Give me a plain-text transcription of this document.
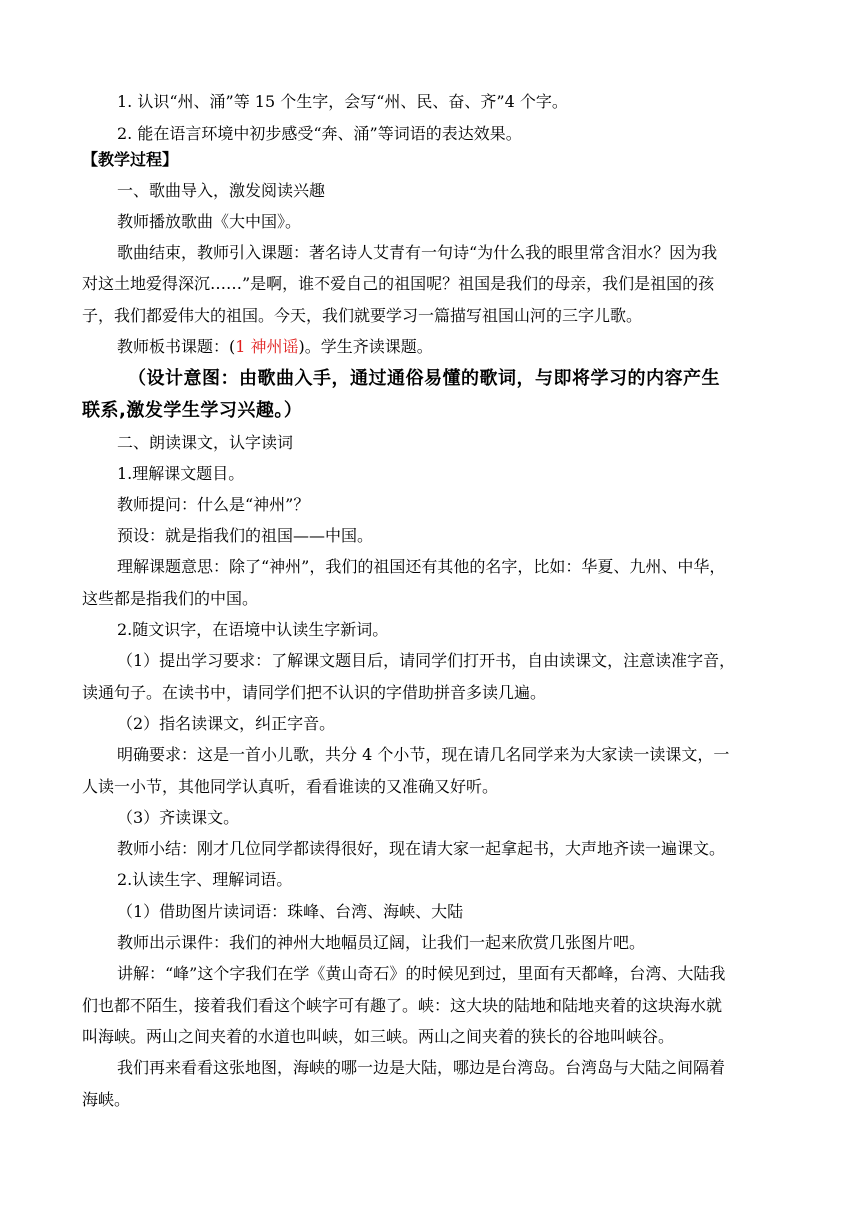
1. 认识“州、涌”等 15 个生字，会写“州、民、奋、齐”4 个字。
2. 能在语言环境中初步感受“奔、涌”等词语的表达效果。
【教学过程】
一、歌曲导入，激发阅读兴趣
教师播放歌曲《大中国》。
歌曲结束，教师引入课题：著名诗人艾青有一句诗“为什么我的眼里常含泪水？因为我
对这土地爱得深沉……”是啊，谁不爱自己的祖国呢？祖国是我们的母亲，我们是祖国的孩
子，我们都爱伟大的祖国。今天，我们就要学习一篇描写祖国山河的三字儿歌。
教师板书课题：(1 神州谣)。学生齐读课题。
（设计意图：由歌曲入手，通过通俗易懂的歌词，与即将学习的内容产生
联系,激发学生学习兴趣。）
二、朗读课文，认字读词
1.理解课文题目。
教师提问：什么是“神州”？
预设：就是指我们的祖国——中国。
理解课题意思：除了“神州”，我们的祖国还有其他的名字，比如：华夏、九州、中华，
这些都是指我们的中国。
2.随文识字，在语境中认读生字新词。
（1）提出学习要求：了解课文题目后，请同学们打开书，自由读课文，注意读准字音，
读通句子。在读书中，请同学们把不认识的字借助拼音多读几遍。
（2）指名读课文，纠正字音。
明确要求：这是一首小儿歌，共分 4 个小节，现在请几名同学来为大家读一读课文，一
人读一小节，其他同学认真听，看看谁读的又准确又好听。
（3）齐读课文。
教师小结：刚才几位同学都读得很好，现在请大家一起拿起书，大声地齐读一遍课文。
2.认读生字、理解词语。
（1）借助图片读词语：珠峰、台湾、海峡、大陆
教师出示课件：我们的神州大地幅员辽阔，让我们一起来欣赏几张图片吧。
讲解：“峰”这个字我们在学《黄山奇石》的时候见到过，里面有天都峰，台湾、大陆我
们也都不陌生，接着我们看这个峡字可有趣了。峡：这大块的陆地和陆地夹着的这块海水就
叫海峡。两山之间夹着的水道也叫峡，如三峡。两山之间夹着的狭长的谷地叫峡谷。
我们再来看看这张地图，海峡的哪一边是大陆，哪边是台湾岛。台湾岛与大陆之间隔着
海峡。
